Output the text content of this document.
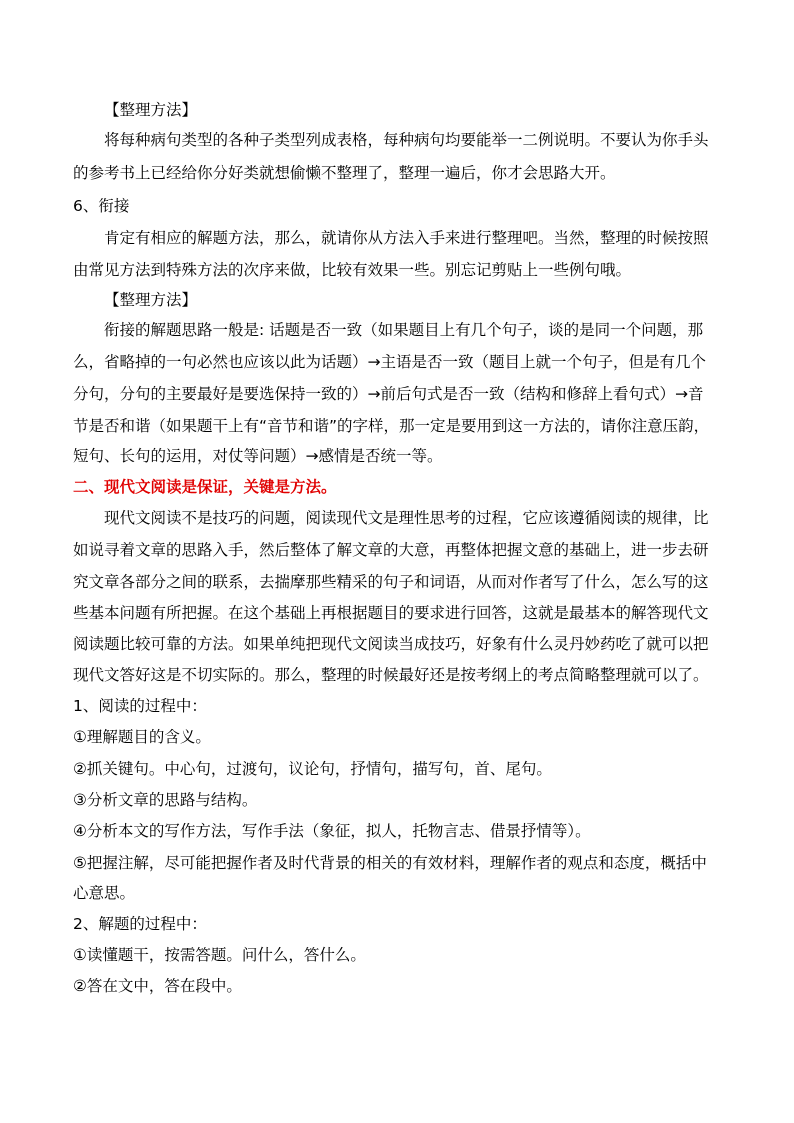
【整理方法】

将每种病句类型的各种子类型列成表格，每种病句均要能举一二例说明。不要认为你手头

的参考书上已经给你分好类就想偷懒不整理了，整理一遍后，你才会思路大开。

6、衔接

肯定有相应的解题方法，那么，就请你从方法入手来进行整理吧。当然，整理的时候按照

由常见方法到特殊方法的次序来做，比较有效果一些。别忘记剪贴上一些例句哦。

【整理方法】

衔接的解题思路一般是: 话题是否一致（如果题目上有几个句子，谈的是同一个问题，那

么，省略掉的一句必然也应该以此为话题）→主语是否一致（题目上就一个句子，但是有几个

分句，分句的主要最好是要选保持一致的）→前后句式是否一致（结构和修辞上看句式）→音

节是否和谐（如果题干上有“音节和谐”的字样，那一定是要用到这一方法的，请你注意压韵，

短句、长句的运用，对仗等问题）→感情是否统一等。

二、现代文阅读是保证，关键是方法。

现代文阅读不是技巧的问题，阅读现代文是理性思考的过程，它应该遵循阅读的规律，比

如说寻着文章的思路入手，然后整体了解文章的大意，再整体把握文意的基础上，进一步去研

究文章各部分之间的联系，去揣摩那些精采的句子和词语，从而对作者写了什么，怎么写的这

些基本问题有所把握。在这个基础上再根据题目的要求进行回答，这就是最基本的解答现代文

阅读题比较可靠的方法。如果单纯把现代文阅读当成技巧，好象有什么灵丹妙药吃了就可以把

现代文答好这是不切实际的。那么，整理的时候最好还是按考纲上的考点简略整理就可以了。

1、阅读的过程中：

①理解题目的含义。

②抓关键句。中心句，过渡句，议论句，抒情句，描写句，首、尾句。

③分析文章的思路与结构。

④分析本文的写作方法，写作手法（象征，拟人，托物言志、借景抒情等）。

⑤把握注解，尽可能把握作者及时代背景的相关的有效材料，理解作者的观点和态度，概括中

心意思。

2、解题的过程中：

①读懂题干，按需答题。问什么，答什么。

②答在文中，答在段中。
